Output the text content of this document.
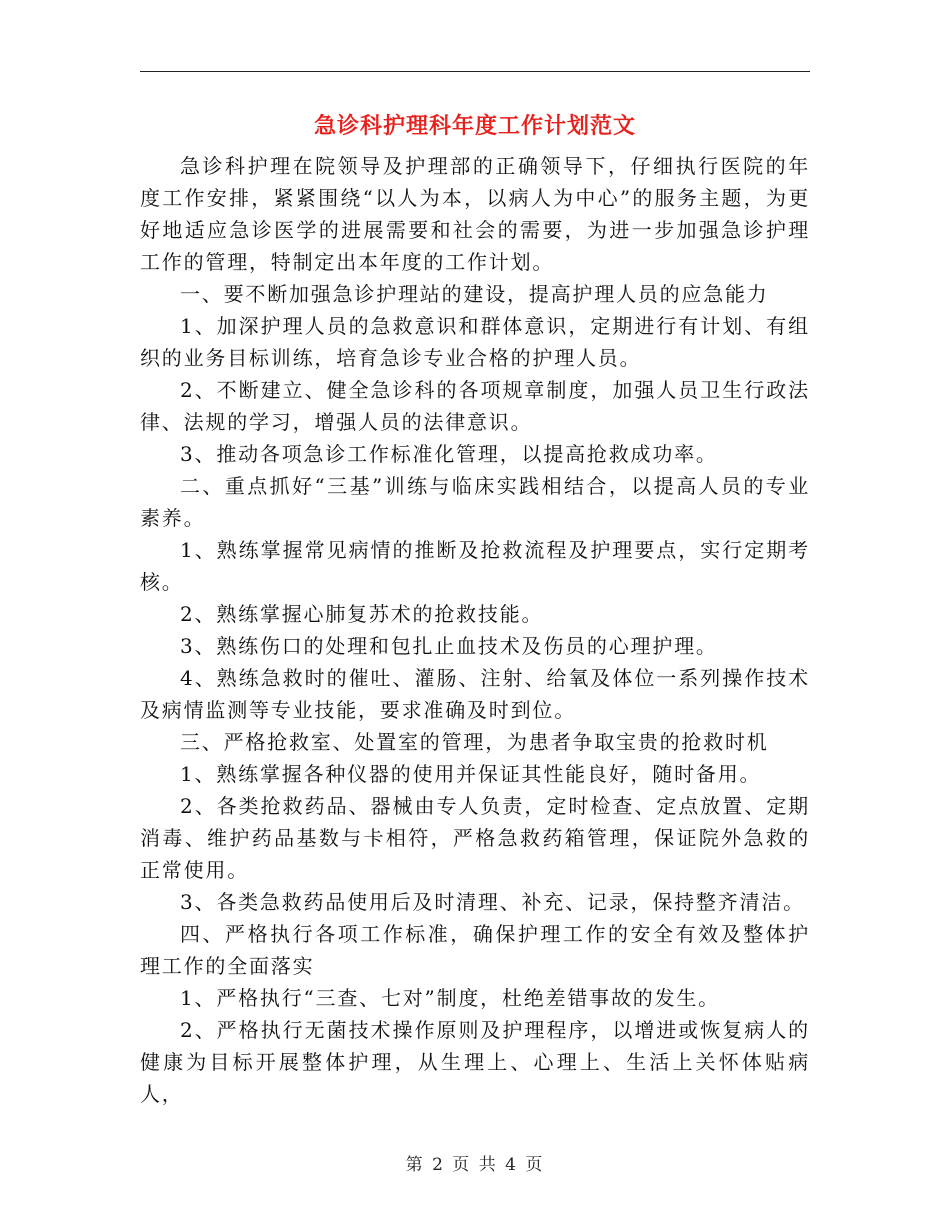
急诊科护理科年度工作计划范文

急诊科护理在院领导及护理部的正确领导下，仔细执行医院的年度工作安排，紧紧围绕“以人为本，以病人为中心”的服务主题，为更好地适应急诊医学的进展需要和社会的需要，为进一步加强急诊护理工作的管理，特制定出本年度的工作计划。

一、要不断加强急诊护理站的建设，提高护理人员的应急能力

1、加深护理人员的急救意识和群体意识，定期进行有计划、有组织的业务目标训练，培育急诊专业合格的护理人员。

2、不断建立、健全急诊科的各项规章制度，加强人员卫生行政法律、法规的学习，增强人员的法律意识。

3、推动各项急诊工作标准化管理，以提高抢救成功率。

二、重点抓好“三基”训练与临床实践相结合，以提高人员的专业素养。

1、熟练掌握常见病情的推断及抢救流程及护理要点，实行定期考核。

2、熟练掌握心肺复苏术的抢救技能。

3、熟练伤口的处理和包扎止血技术及伤员的心理护理。

4、熟练急救时的催吐、灌肠、注射、给氧及体位一系列操作技术及病情监测等专业技能，要求准确及时到位。

三、严格抢救室、处置室的管理，为患者争取宝贵的抢救时机

1、熟练掌握各种仪器的使用并保证其性能良好，随时备用。

2、各类抢救药品、器械由专人负责，定时检查、定点放置、定期消毒、维护药品基数与卡相符，严格急救药箱管理，保证院外急救的正常使用。

3、各类急救药品使用后及时清理、补充、记录，保持整齐清洁。

四、严格执行各项工作标准，确保护理工作的安全有效及整体护理工作的全面落实

1、严格执行“三查、七对”制度，杜绝差错事故的发生。

2、严格执行无菌技术操作原则及护理程序，以增进或恢复病人的健康为目标开展整体护理，从生理上、心理上、生活上关怀体贴病人，

第 2 页 共 4 页
